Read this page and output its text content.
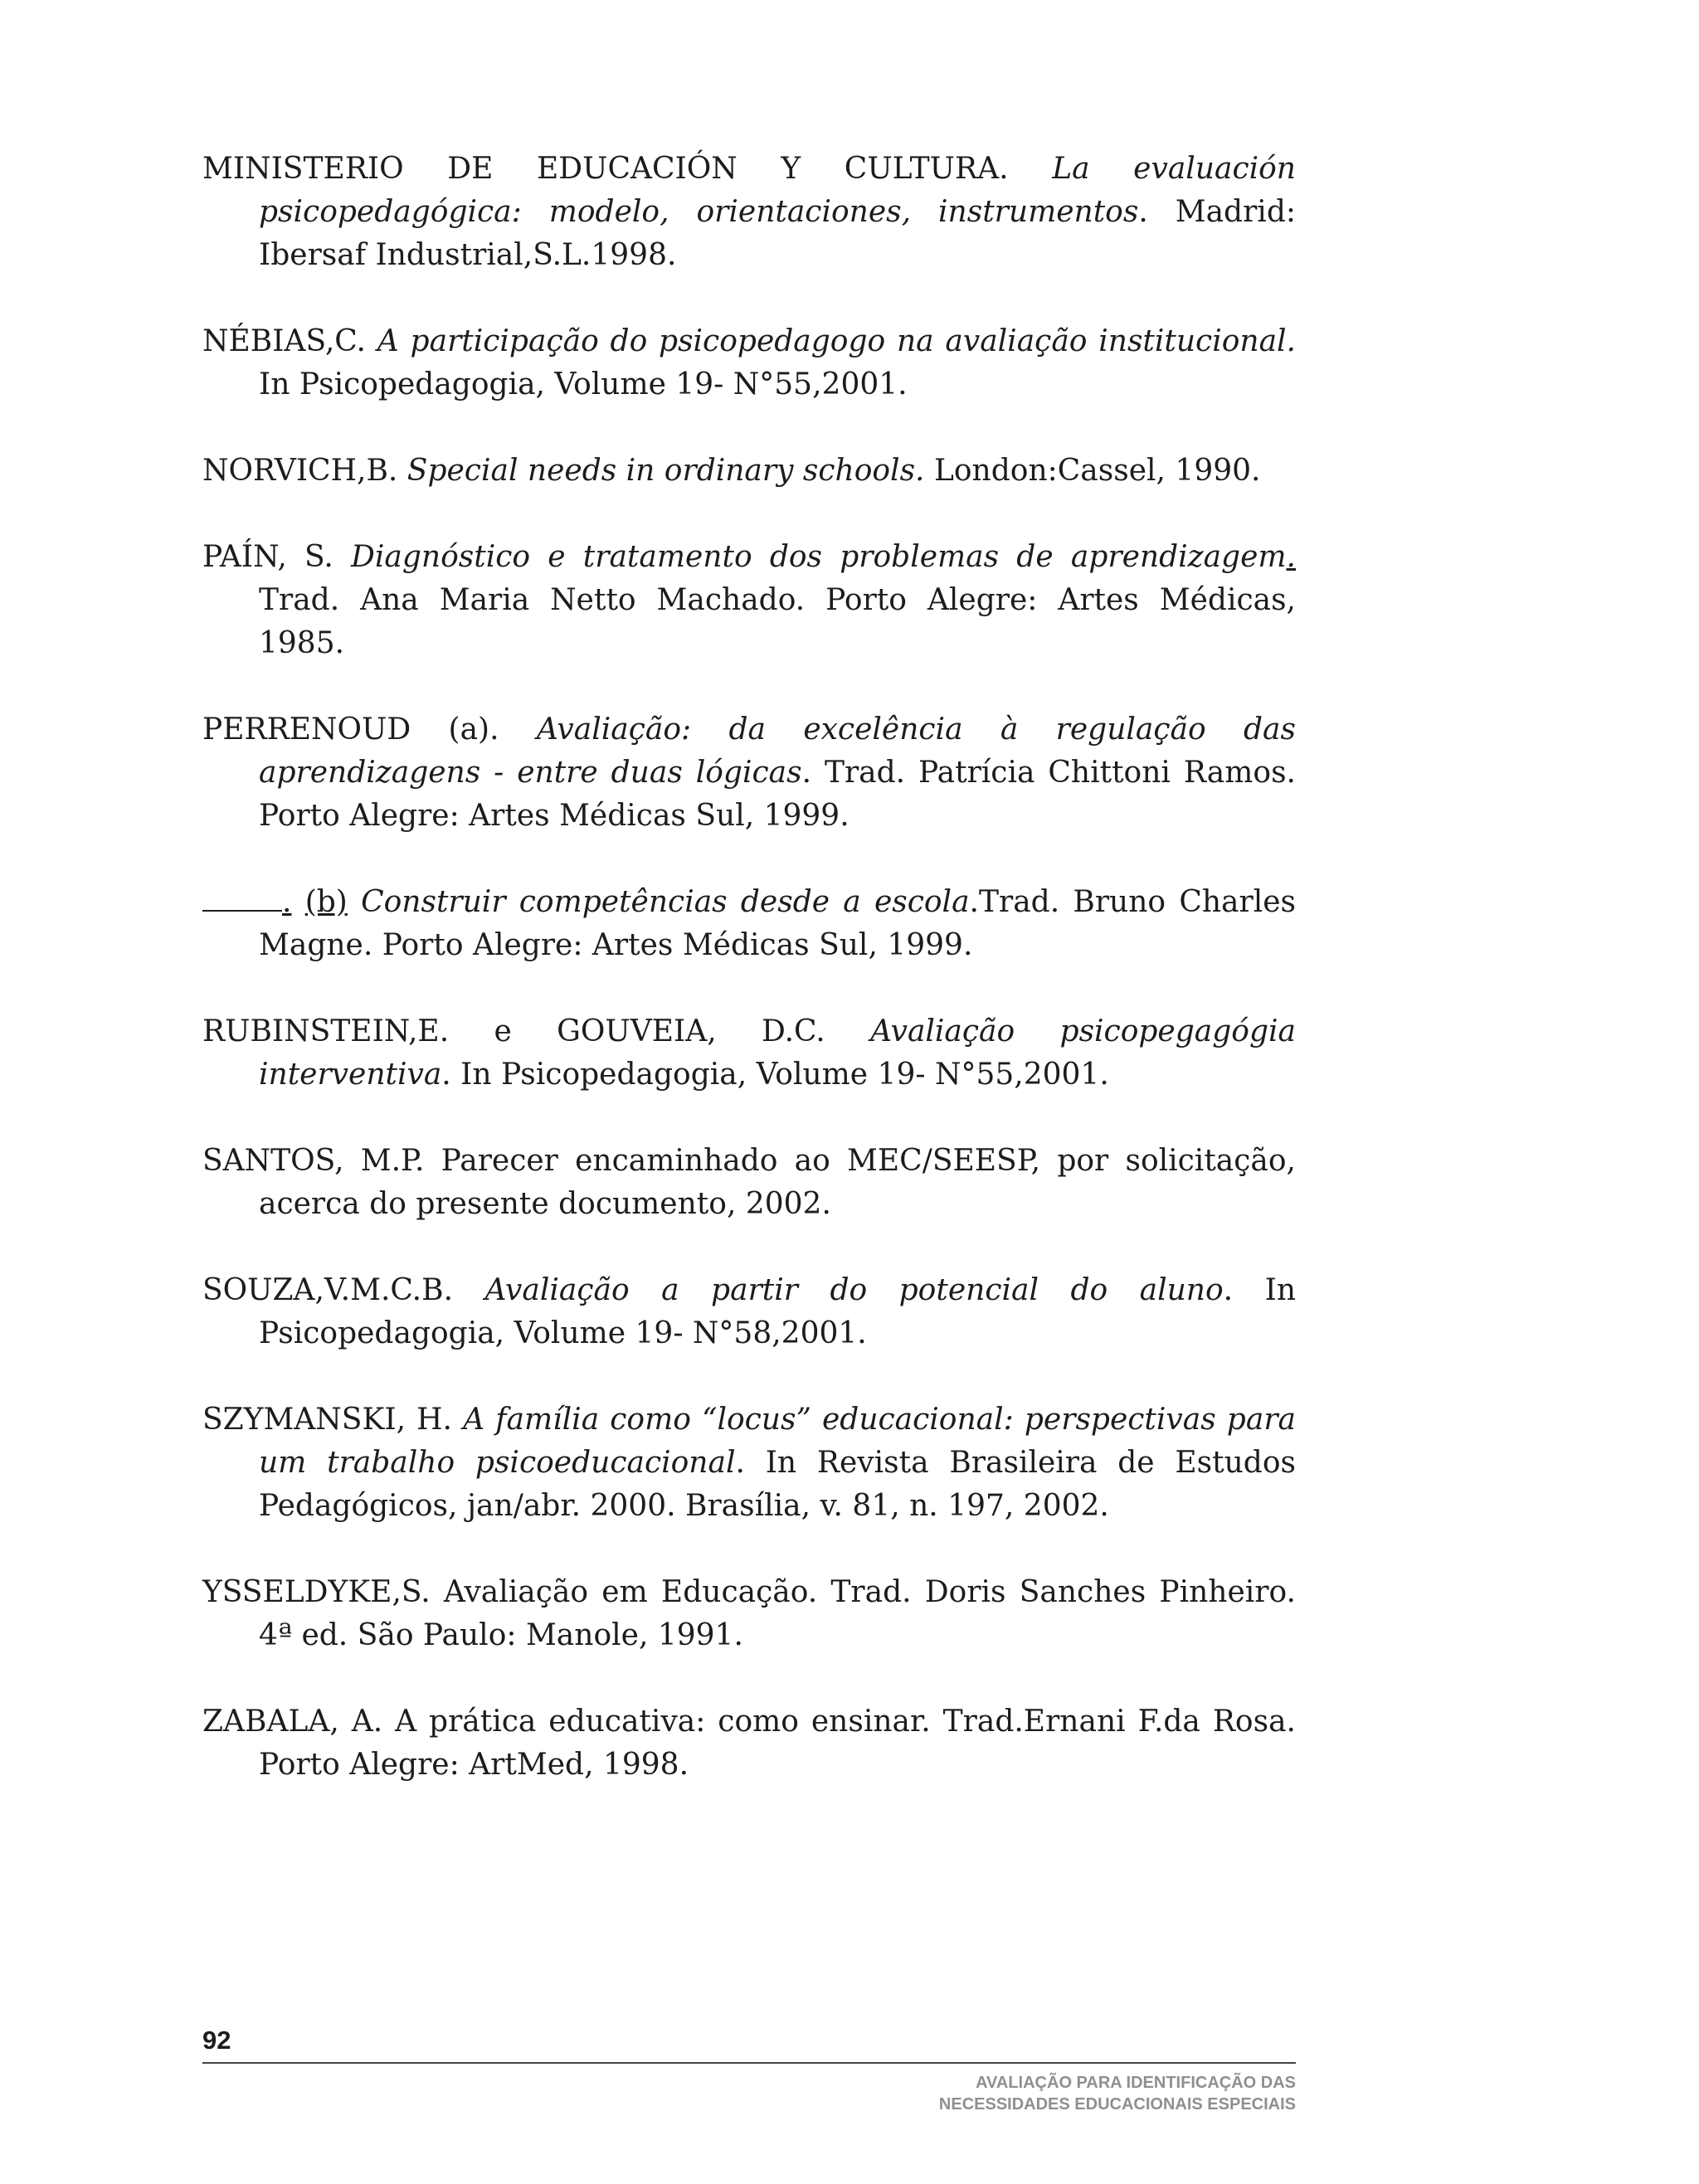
MINISTERIO DE EDUCACIÓN Y CULTURA. La evaluación psicopedagógica: modelo, orientaciones, instrumentos. Madrid: Ibersaf Industrial,S.L.1998.

NÉBIAS,C. A participação do psicopedagogo na avaliação institucional. In Psicopedagogia, Volume 19- N°55,2001.

NORVICH,B. Special needs in ordinary schools. London:Cassel, 1990.

PAÍN, S. Diagnóstico e tratamento dos problemas de aprendizagem. Trad. Ana Maria Netto Machado. Porto Alegre: Artes Médicas, 1985.

PERRENOUD (a). Avaliação: da excelência à regulação das aprendizagens - entre duas lógicas. Trad. Patrícia Chittoni Ramos. Porto Alegre: Artes Médicas Sul, 1999.

. (b) Construir competências desde a escola.Trad. Bruno Charles Magne. Porto Alegre: Artes Médicas Sul, 1999.

RUBINSTEIN,E. e GOUVEIA, D.C. Avaliação psicopegagógia interventiva. In Psicopedagogia, Volume 19- N°55,2001.

SANTOS, M.P. Parecer encaminhado ao MEC/SEESP, por solicitação, acerca do presente documento, 2002.

SOUZA,V.M.C.B. Avaliação a partir do potencial do aluno. In Psicopedagogia, Volume 19- N°58,2001.

SZYMANSKI, H. A família como “locus” educacional: perspectivas para um trabalho psicoeducacional. In Revista Brasileira de Estudos Pedagógicos, jan/abr. 2000. Brasília, v. 81, n. 197, 2002.

YSSELDYKE,S. Avaliação em Educação. Trad. Doris Sanches Pinheiro. 4ª ed. São Paulo: Manole, 1991.

ZABALA, A. A prática educativa: como ensinar. Trad.Ernani F.da Rosa. Porto Alegre: ArtMed, 1998.

92
AVALIAÇÃO PARA IDENTIFICAÇÃO DAS
NECESSIDADES EDUCACIONAIS ESPECIAIS
